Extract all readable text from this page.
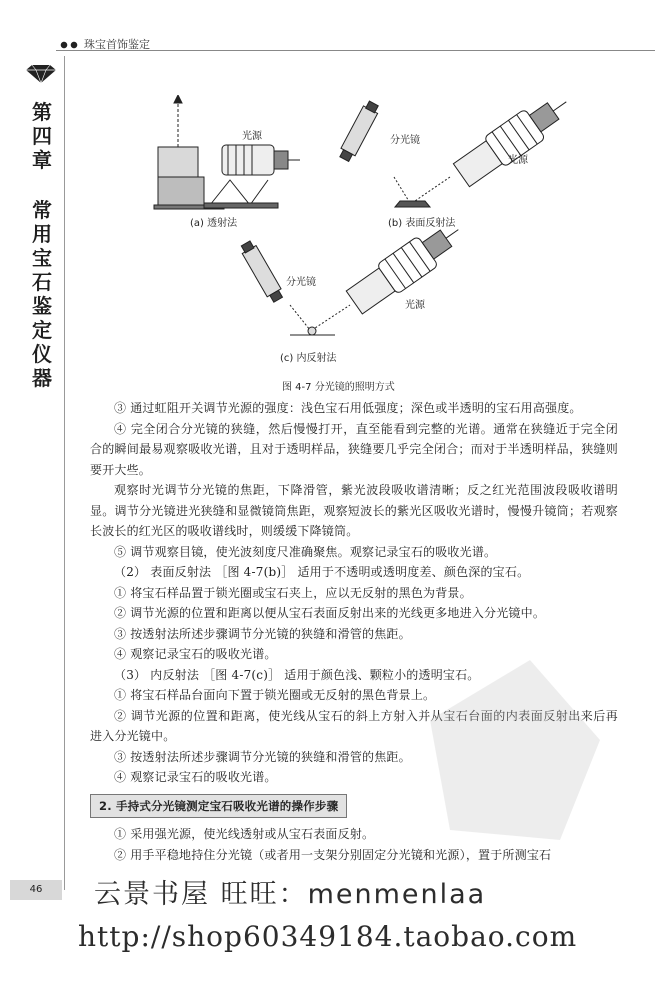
珠宝首饰鉴定
第
四
章
常
用
宝
石
鉴
定
仪
器
光源	分光镜
光源
分光镜
光源
(a) 透射法	(b) 表面反射法
(c) 内反射法
图 4-7 分光镜的照明方式

③ 通过虹阻开关调节光源的强度：浅色宝石用低强度；深色或半透明的宝石用高强度。

④ 完全闭合分光镜的狭缝，然后慢慢打开，直至能看到完整的光谱。通常在狭缝近于完全闭合的瞬间最易观察吸收光谱，且对于透明样品，狭缝要几乎完全闭合；而对于半透明样品，狭缝则要开大些。

观察时光调节分光镜的焦距，下降滑管，紫光波段吸收谱清晰；反之红光范围波段吸收谱明显。调节分光镜进光狭缝和显微镜筒焦距，观察短波长的紫光区吸收光谱时，慢慢升镜筒；若观察长波长的红光区的吸收谱线时，则缓缓下降镜筒。

⑤ 调节观察目镜，使光波刻度尺准确聚焦。观察记录宝石的吸收光谱。

（2） 表面反射法 ［图 4-7(b)］ 适用于不透明或透明度差、颜色深的宝石。

① 将宝石样品置于锁光圈或宝石夹上，应以无反射的黑色为背景。

② 调节光源的位置和距离以便从宝石表面反射出来的光线更多地进入分光镜中。

③ 按透射法所述步骤调节分光镜的狭缝和滑管的焦距。

④ 观察记录宝石的吸收光谱。

（3） 内反射法 ［图 4-7(c)］ 适用于颜色浅、颗粒小的透明宝石。

① 将宝石样品台面向下置于锁光圈或无反射的黑色背景上。

② 调节光源的位置和距离，使光线从宝石的斜上方射入并从宝石台面的内表面反射出来后再进入分光镜中。

③ 按透射法所述步骤调节分光镜的狭缝和滑管的焦距。

④ 观察记录宝石的吸收光谱。

2. 手持式分光镜测定宝石吸收光谱的操作步骤

① 采用强光源，使光线透射或从宝石表面反射。

② 用手平稳地持住分光镜（或者用一支架分别固定分光镜和光源），置于所测宝石

46	云景书屋 旺旺：menmenlaa
http://shop60349184.taobao.com
